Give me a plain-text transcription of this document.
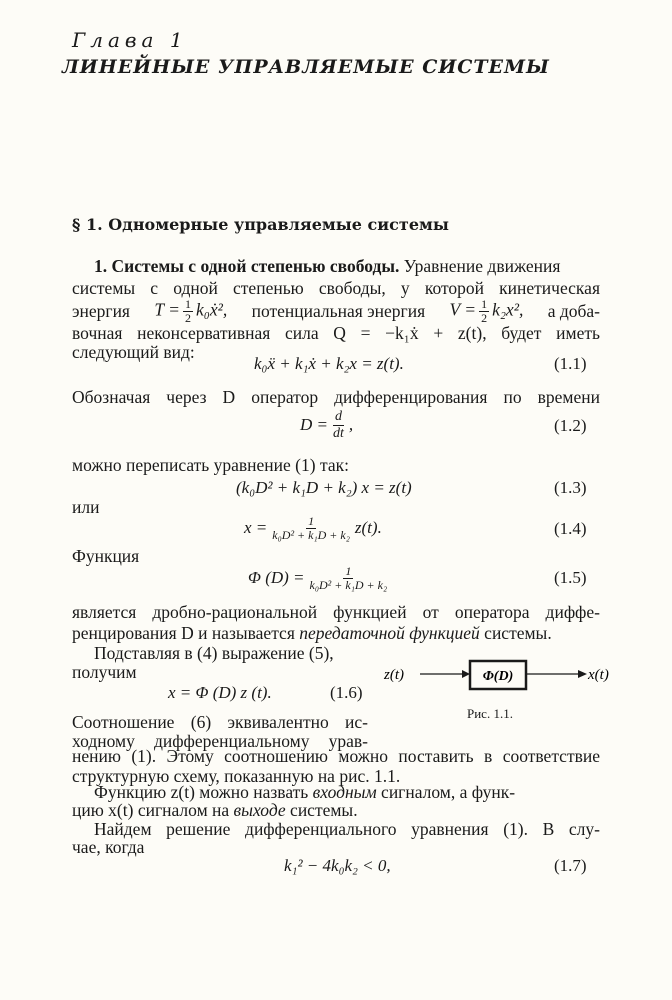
Глава 1
ЛИНЕЙНЫЕ УПРАВЛЯЕМЫЕ СИСТЕМЫ
§ 1. Одномерные управляемые системы
1. Системы с одной степенью свободы. Уравнение движения
системы с одной степенью свободы, у которой кинетическая
энергия $T = \frac{1}{2}$ k₀ẋ², потенциальная энергия $V = \frac{1}{2} k_2x^2$, а доба-
вочная неконсервативная сила Q = −k₁ẋ + z(t), будет иметь
следующий вид:
k₀ẍ + k₁ẋ + k₂x = z(t).	(1.1)
Обозначая через D оператор дифференцирования по времени
$D = \frac{d}{dt}$ ,	(1.2)
можно переписать уравнение (1) так:
(k₀D² + k₁D + k₂) x = z(t)	(1.3)
или
$x = \frac{1}{\text{k₀D² + k₁D + k₂}} z(t)$.	(1.4)
Функция
Φ $(D) = \frac{1}{\text{k₀D² + k₁D + k₂}}$	(1.5)
является дробно-рациональной функцией от оператора диффе-
ренцирования D и называется передаточной функцией системы.
Подставляя в (4) выражение (5),
получим
x = Φ (D) z (t).	(1.6)
z(t)	Φ(D)	x(t)
Рис. 1.1.
Соотношение (6) эквивалентно ис-
ходному дифференциальному урав-
нению (1). Этому соотношению можно поставить в соответствие
структурную схему, показанную на рис. 1.1.
Функцию z(t) можно назвать входным сигналом, а функ-
цию x(t) сигналом на выходе системы.
Найдем решение дифференциального уравнения (1). В слу-
чае, когда
k₁² − 4k₀k₂ < 0,	(1.7)
